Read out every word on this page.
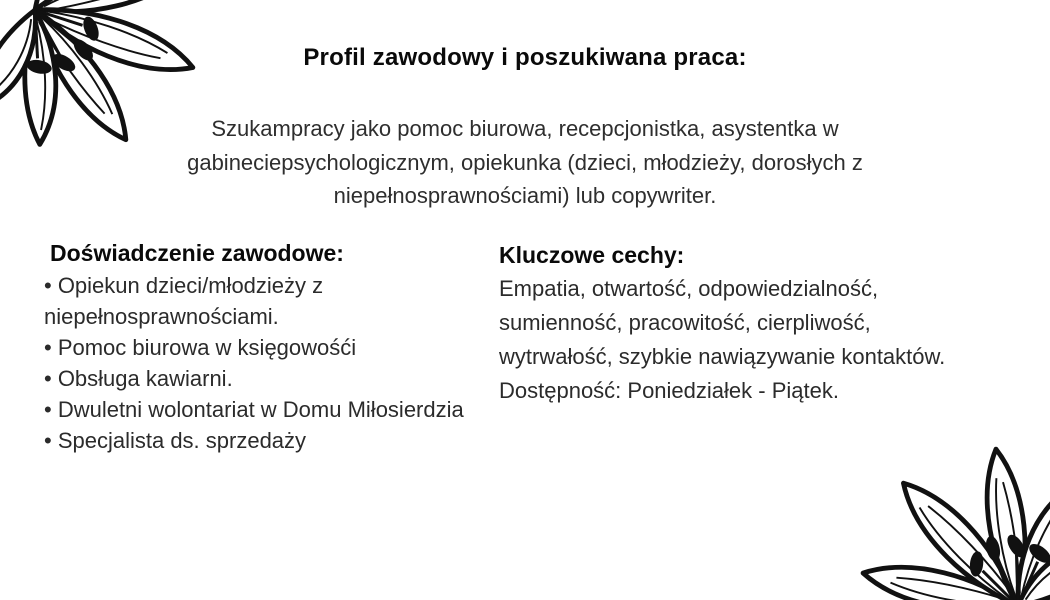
Profil zawodowy i poszukiwana praca:

Szukampracy jako pomoc biurowa, recepcjonistka, asystentka w gabineciepsychologicznym, opiekunka (dzieci, młodzieży, dorosłych z niepełnosprawnościami) lub copywriter.

Doświadczenie zawodowe:
• Opiekun dzieci/młodzieży z niepełnosprawnościami.
• Pomoc biurowa w księgowośći
• Obsługa kawiarni.
• Dwuletni wolontariat w Domu Miłosierdzia
• Specjalista ds. sprzedaży
Kluczowe cechy:

Empatia, otwartość, odpowiedzialność, sumienność, pracowitość, cierpliwość, wytrwałość, szybkie nawiązywanie kontaktów.

Dostępność: Poniedziałek - Piątek.
